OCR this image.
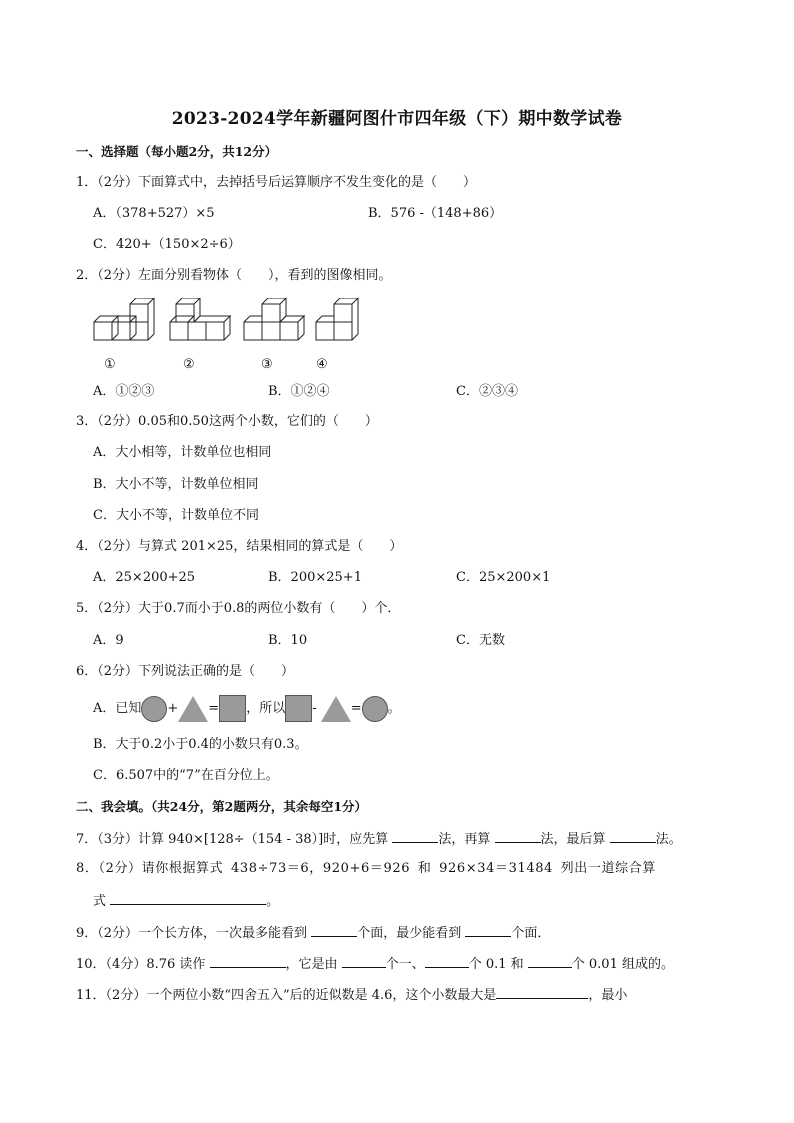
2023-2024学年新疆阿图什市四年级（下）期中数学试卷
一、选择题（每小题2分，共12分）
1．（2分）下面算式中，去掉括号后运算顺序不发生变化的是（　　）
A．（378+527）×5	B．576 -（148+86）
C．420+（150×2÷6）
2．（2分）左面分别看物体（　　），看到的图像相同。
①	②	③	④
A．①②③	B．①②④	C．②③④
3．（2分）0.05和0.50这两个小数，它们的（　　）
A．大小相等，计数单位也相同
B．大小不等，计数单位相同
C．大小不等，计数单位不同
4．（2分）与算式 201×25，结果相同的算式是（　　）
A．25×200+25	B．200×25+1	C．25×200×1
5．（2分）大于0.7而小于0.8的两位小数有（　　）个．
A．9	B．10	C．无数
6．（2分）下列说法正确的是（　　）
A．已知 + = ，所以 -	= 。
B．大于0.2小于0.4的小数只有0.3。
C．6.507中的“7”在百分位上。
二、我会填。（共24分，第2题两分，其余每空1分）
7．（3分）计算 940×[128÷（154 - 38）]时，应先算	法，再算	法，最后算	法。
8．（2分）请你根据算式 438÷73＝6，920+6＝926 和 926×34＝31484 列出一道综合算
式	。
9．（2分）一个长方体，一次最多能看到	个面，最少能看到	个面．
10．（4分）8.76 读作	，它是由	个一、	个 0.1 和	个 0.01 组成的。
11．（2分）一个两位小数“四舍五入”后的近似数是 4.6，这个小数最大是	，最小
